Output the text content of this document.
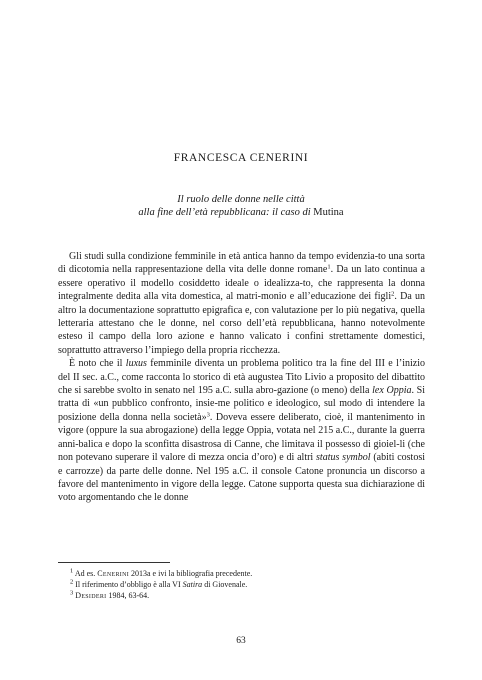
FRANCESCA CENERINI
Il ruolo delle donne nelle città
alla fine dell’età repubblicana: il caso di Mutina

Gli studi sulla condizione femminile in età antica hanno da tempo evidenzia-to una sorta di dicotomia nella rappresentazione della vita delle donne romane$^1$. Da un lato continua a essere operativo il modello cosiddetto ideale o idealizza-to, che rappresenta la donna integralmente dedita alla vita domestica, al matri-monio e all’educazione dei figli$^2$. Da un altro la documentazione soprattutto epigrafica e, con valutazione per lo più negativa, quella letteraria attestano che le donne, nel corso dell’età repubblicana, hanno notevolmente esteso il campo della loro azione e hanno valicato i confini strettamente domestici, soprattutto attraverso l’impiego della propria ricchezza.

È noto che il luxus femminile diventa un problema politico tra la fine del III e l’inizio del II sec. a.C., come racconta lo storico di età augustea Tito Livio a proposito del dibattito che si sarebbe svolto in senato nel 195 a.C. sulla abro-gazione (o meno) della lex Oppia. Si tratta di «un pubblico confronto, insie-me politico e ideologico, sul modo di intendere la posizione della donna nella società»$^3$. Doveva essere deliberato, cioè, il mantenimento in vigore (oppure la sua abrogazione) della legge Oppia, votata nel 215 a.C., durante la guerra anni-balica e dopo la sconfitta disastrosa di Canne, che limitava il possesso di gioiel-li (che non potevano superare il valore di mezza oncia d’oro) e di altri status symbol (abiti costosi e carrozze) da parte delle donne. Nel 195 a.C. il console Catone pronuncia un discorso a favore del mantenimento in vigore della legge. Catone supporta questa sua dichiarazione di voto argomentando che le donne

$^1$ Ad es. Cenerini 2013a e ivi la bibliografia precedente.

$^2$ Il riferimento d’obbligo è alla VI Satira di Giovenale.

$^3$ Desideri 1984, 63-64.

63
